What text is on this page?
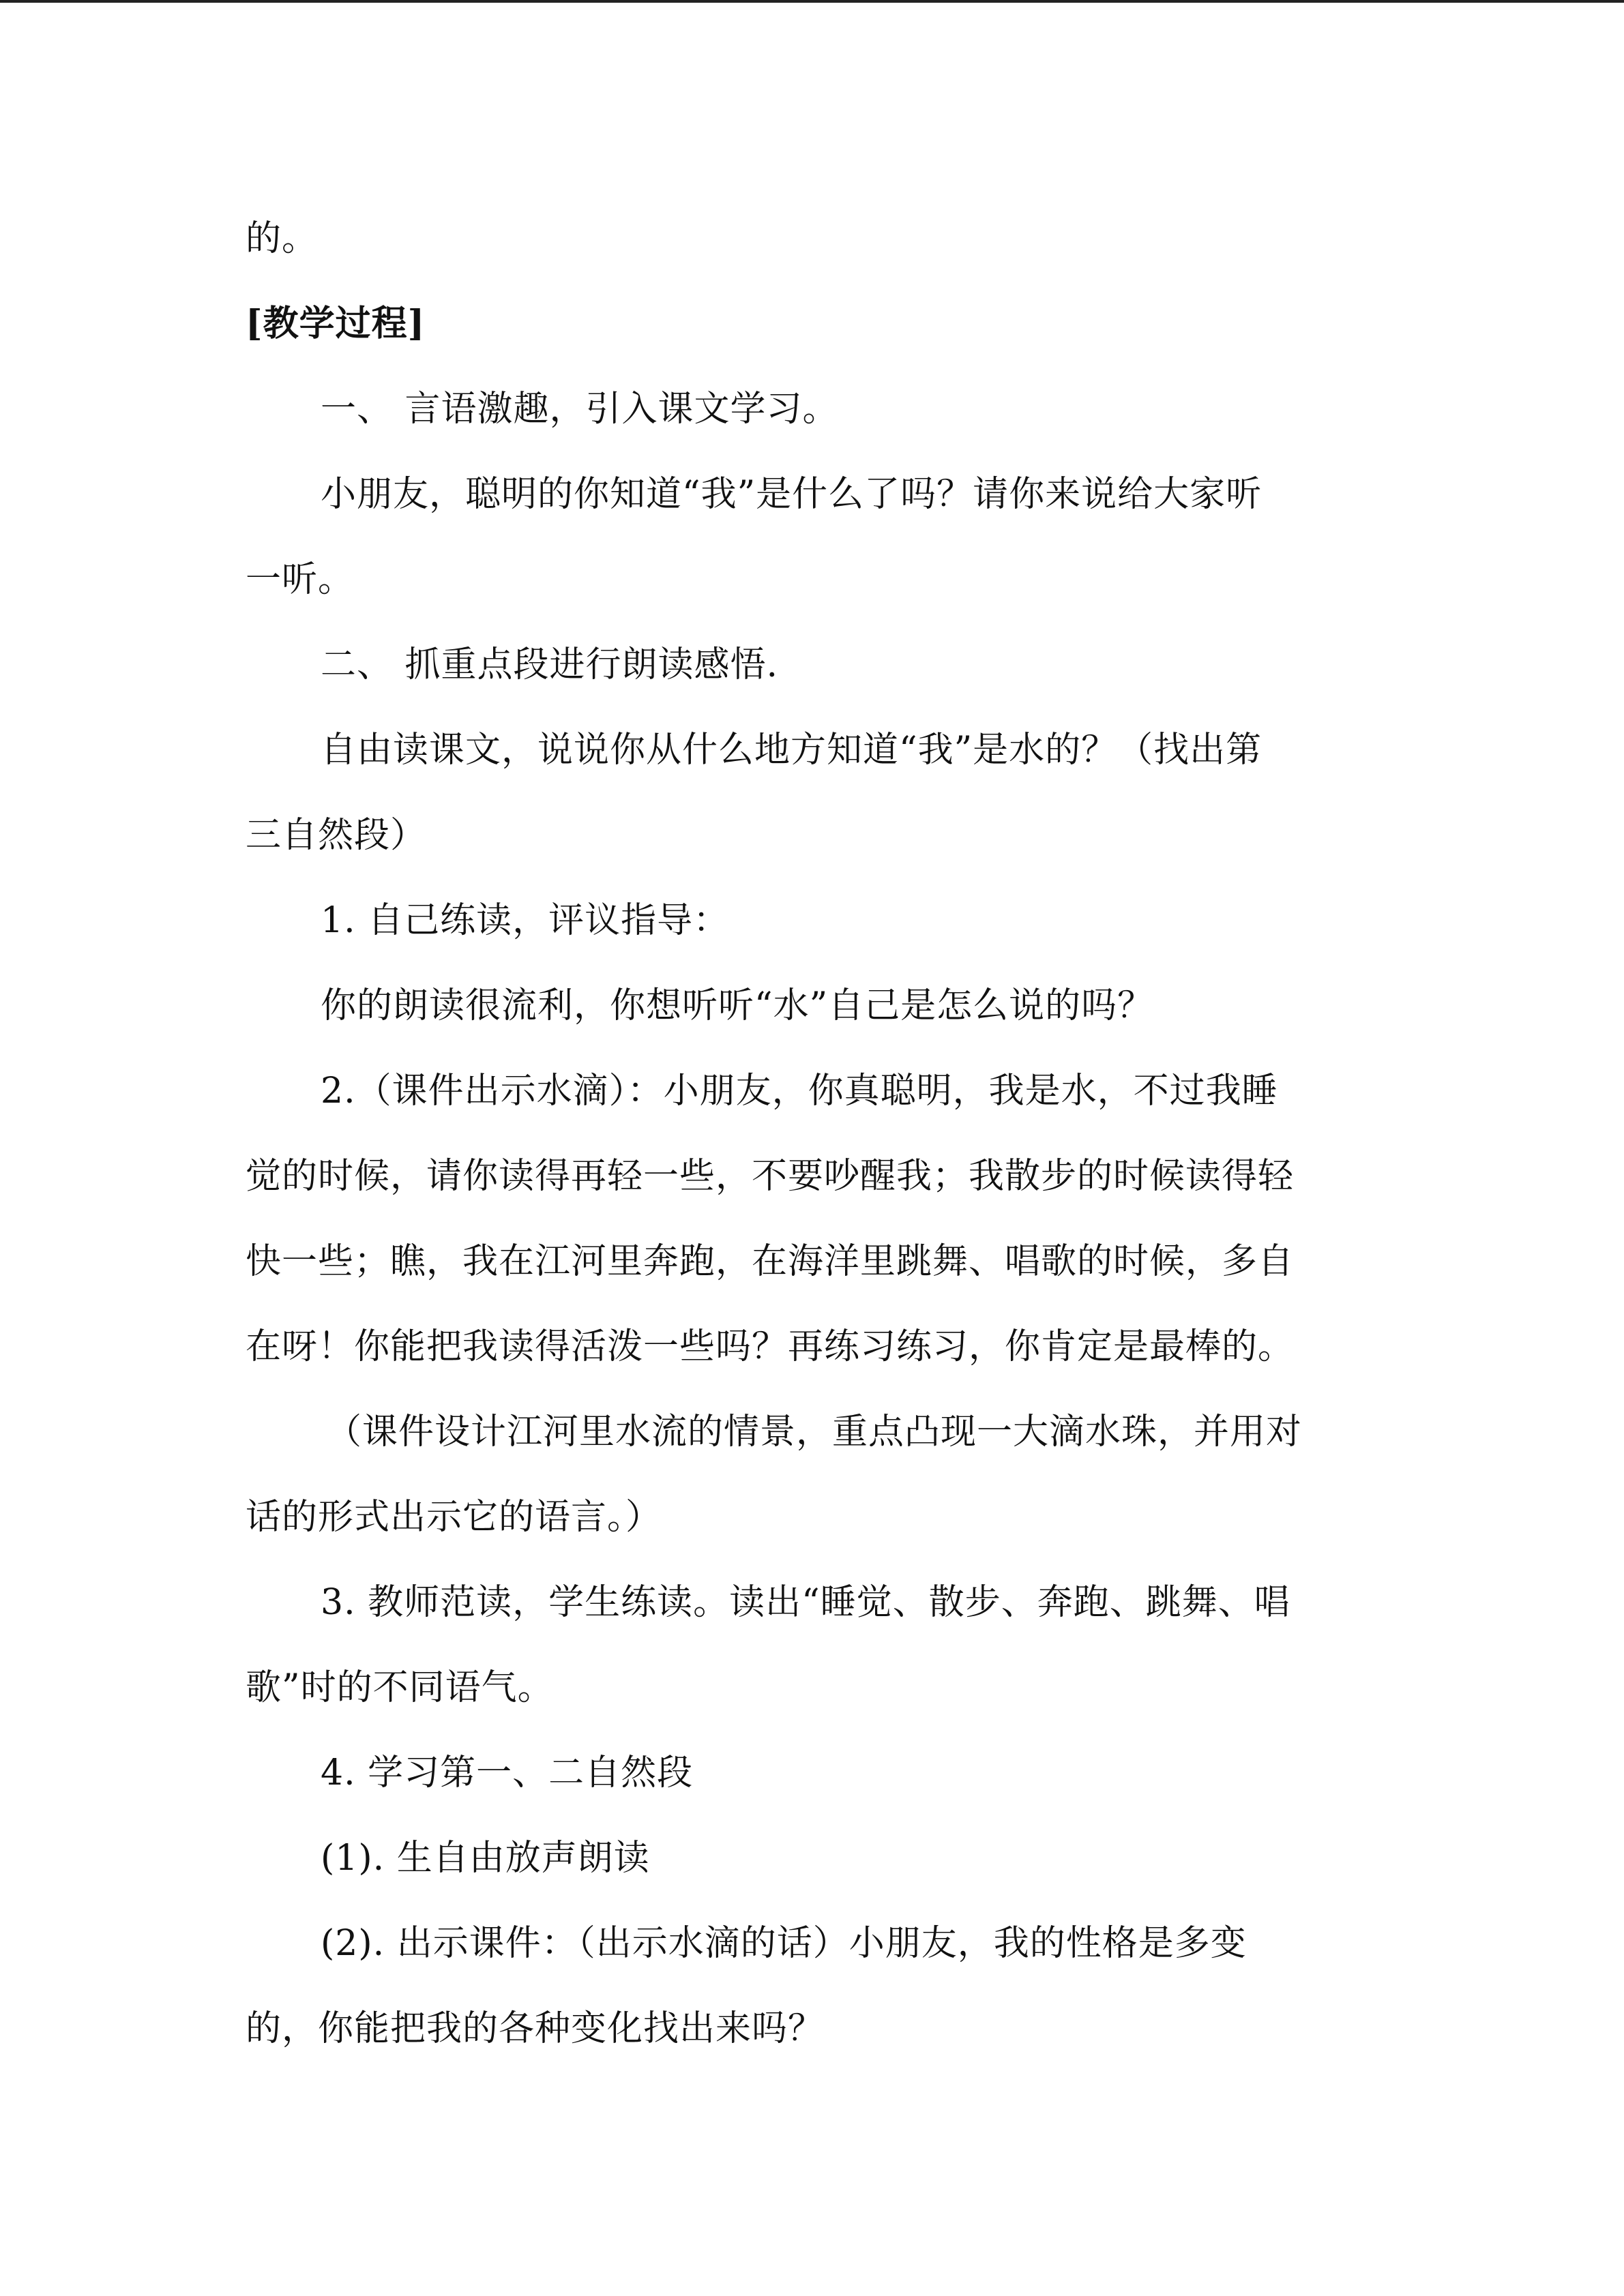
的。

[教学过程]

一、 言语激趣，引入课文学习。

小朋友，聪明的你知道“我”是什么了吗？请你来说给大家听

一听。

二、 抓重点段进行朗读感悟.

自由读课文，说说你从什么地方知道“我”是水的？（找出第

三自然段）

1. 自己练读，评议指导：

你的朗读很流利，你想听听“水”自己是怎么说的吗？

2.（课件出示水滴）：小朋友，你真聪明，我是水，不过我睡

觉的时候，请你读得再轻一些，不要吵醒我；我散步的时候读得轻

快一些；瞧，我在江河里奔跑，在海洋里跳舞、唱歌的时候，多自

在呀！你能把我读得活泼一些吗？再练习练习，你肯定是最棒的。

（课件设计江河里水流的情景，重点凸现一大滴水珠，并用对

话的形式出示它的语言。）

3. 教师范读，学生练读。读出“睡觉、散步、奔跑、跳舞、唱

歌”时的不同语气。

4. 学习第一、二自然段

(1). 生自由放声朗读

(2). 出示课件：（出示水滴的话）小朋友，我的性格是多变

的，你能把我的各种变化找出来吗？
